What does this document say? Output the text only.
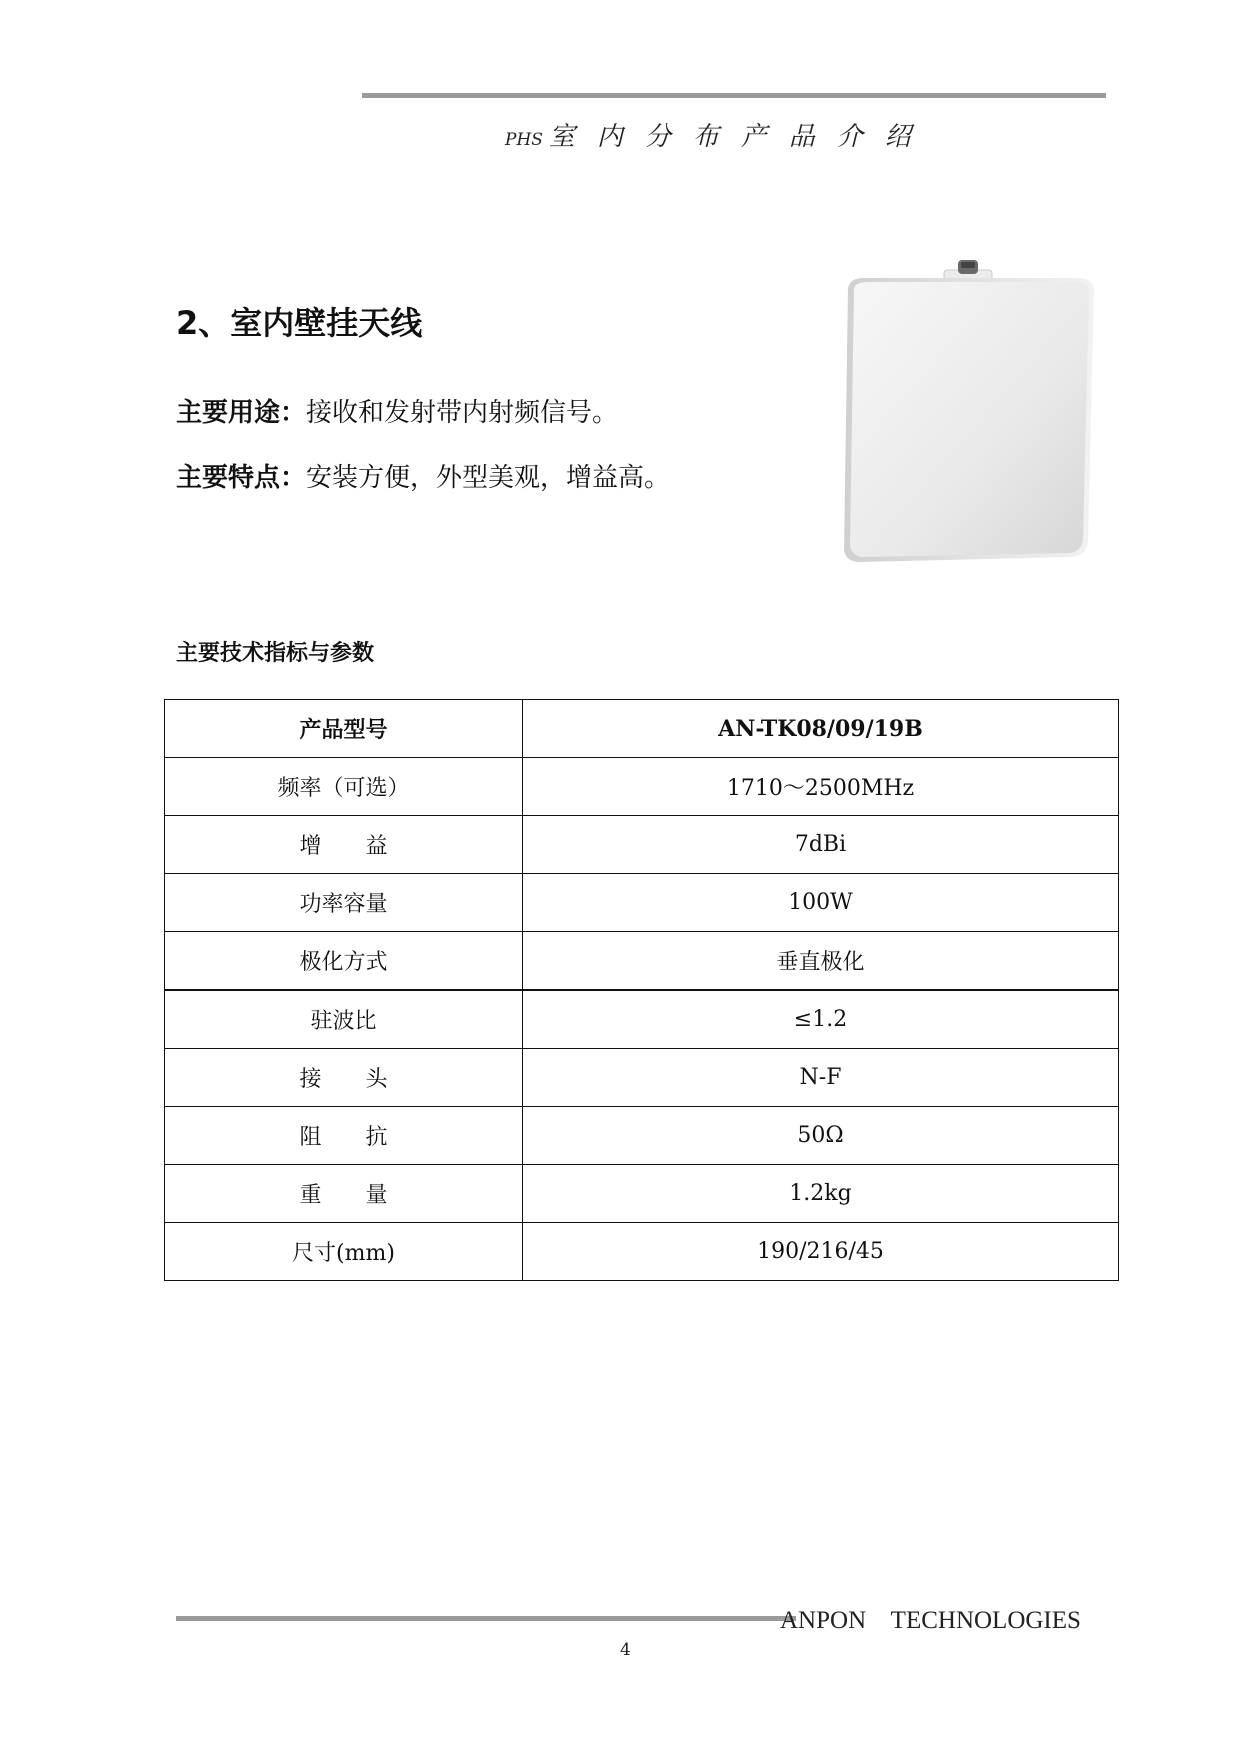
PHS 室内分布产品介绍
2、室内壁挂天线
主要用途：接收和发射带内射频信号。
主要特点：安装方便，外型美观，增益高。
主要技术指标与参数
产品型号	AN-TK08/09/19B
频率（可选）	1710～2500MHz
增　　益	7dBi
功率容量	100W
极化方式	垂直极化
驻波比	≤1.2
接　　头	N-F
阻　　抗	50Ω
重　　量	1.2kg
尺寸(mm)	190/216/45
ANPON    TECHNOLOGIES
4
